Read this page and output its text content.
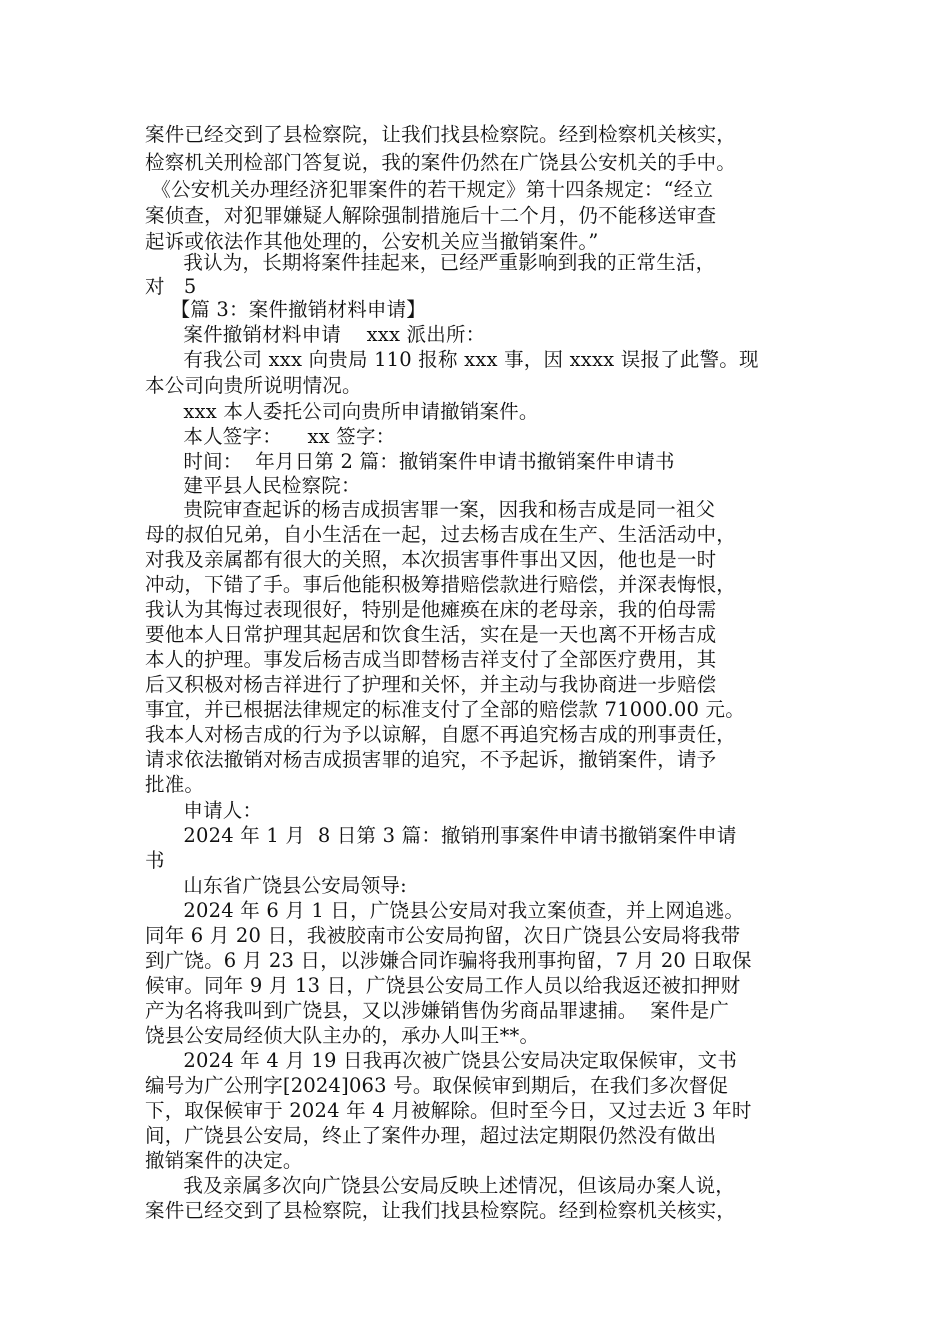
案件已经交到了县检察院，让我们找县检察院。经到检察机关核实，
检察机关刑检部门答复说，我的案件仍然在广饶县公安机关的手中。
《公安机关办理经济犯罪案件的若干规定》第十四条规定：“经立
案侦查，对犯罪嫌疑人解除强制措施后十二个月，仍不能移送审查
起诉或依法作其他处理的，公安机关应当撤销案件。”
我认为，长期将案件挂起来，已经严重影响到我的正常生活，
对   5
【篇 3：案件撤销材料申请】
案件撤销材料申请    xxx 派出所：
有我公司 xxx 向贵局 110 报称 xxx 事，因 xxxx 误报了此警。现
本公司向贵所说明情况。
xxx 本人委托公司向贵所申请撤销案件。
本人签字：    xx 签字：
时间：  年月日第 2 篇：撤销案件申请书撤销案件申请书
建平县人民检察院：
贵院审查起诉的杨吉成损害罪一案，因我和杨吉成是同一祖父
母的叔伯兄弟，自小生活在一起，过去杨吉成在生产、生活活动中，
对我及亲属都有很大的关照，本次损害事件事出又因，他也是一时
冲动，下错了手。事后他能积极筹措赔偿款进行赔偿，并深表悔恨，
我认为其悔过表现很好，特别是他瘫痪在床的老母亲，我的伯母需
要他本人日常护理其起居和饮食生活，实在是一天也离不开杨吉成
本人的护理。事发后杨吉成当即替杨吉祥支付了全部医疗费用，其
后又积极对杨吉祥进行了护理和关怀，并主动与我协商进一步赔偿
事宜，并已根据法律规定的标准支付了全部的赔偿款 71000.00 元。
我本人对杨吉成的行为予以谅解，自愿不再追究杨吉成的刑事责任，
请求依法撤销对杨吉成损害罪的追究，不予起诉，撤销案件，请予
批准。
申请人：
2024 年 1 月  8 日第 3 篇：撤销刑事案件申请书撤销案件申请
书
山东省广饶县公安局领导:
2024 年 6 月 1 日，广饶县公安局对我立案侦查，并上网追逃。
同年 6 月 20 日，我被胶南市公安局拘留，次日广饶县公安局将我带
到广饶。6 月 23 日，以涉嫌合同诈骗将我刑事拘留，7 月 20 日取保
候审。同年 9 月 13 日，广饶县公安局工作人员以给我返还被扣押财
产为名将我叫到广饶县，又以涉嫌销售伪劣商品罪逮捕。  案件是广
饶县公安局经侦大队主办的，承办人叫王**。
2024 年 4 月 19 日我再次被广饶县公安局决定取保候审，文书
编号为广公刑字[2024]063 号。取保候审到期后，在我们多次督促
下，取保候审于 2024 年 4 月被解除。但时至今日，又过去近 3 年时
间，广饶县公安局，终止了案件办理，超过法定期限仍然没有做出
撤销案件的决定。
我及亲属多次向广饶县公安局反映上述情况，但该局办案人说，
案件已经交到了县检察院，让我们找县检察院。经到检察机关核实，
